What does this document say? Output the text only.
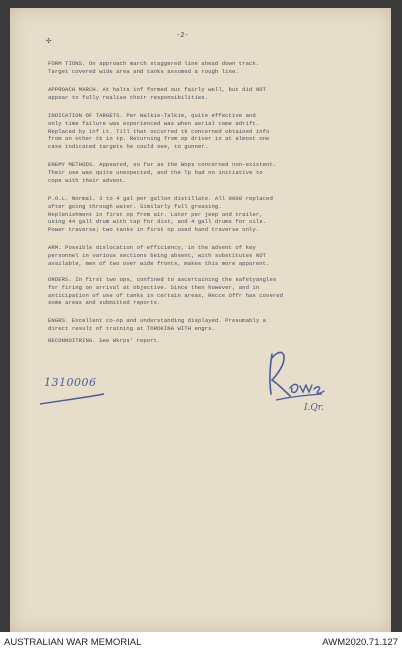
✣	-2-
FORM TIONS. On approach march staggered line ahead down track.
Target covered wide area and tanks assumed a rough line.
APPROACH MARCH. At halts inf formed out fairly well, but did NOT
appear to fully realise their responsibilities.
INDICATION OF TARGETS. Per Walkie-Talkie, quite effective and
only time failure was experienced was when aerial came adrift.
Replaced by inf Lt. Till that occurred tk concerned obtained info
from an other tk in tp. Returning from op driver in at almost one
case indicated targets he could see, to gunner.
ENEMY METHODS. Appeared, so far as the Wops concerned non-existent.
Their use was quite unexpected, and the Tp had no initiative to
cope with their advent.
P.O.L. Normal. 3 to 4 gal per gallon distillate. All 0000 replaced
after going through water. Similarly full greasing.
Replenishment in first op from air. Later per jeep and trailer,
using 44 gall drum with tap for dist, and 4 gall drums for oils.
Power traverse; two tanks in first op used hand traverse only.
ARM. Possible dislocation of efficiency, in the advent of key
personnel in various sections being absent, with substitutes NOT
available, men of two over wide fronts, makes this more apparent.
ORDERS. In first two ops, confined to ascertaining the safetyangles
for firing on arrival at objective. Since then however, and in
anticipation of use of tanks in certain areas, Recce Offr has covered
some areas and submitted reports.
ENGRS. Excellent co-op and understanding displayed. Presumably a
direct result of training at TOROKINA WITH engrs.
RECONNOITRING. See Wkrps' report.
1310006
I.Qr.
AUSTRALIAN WAR MEMORIAL	AWM2020.71.127
